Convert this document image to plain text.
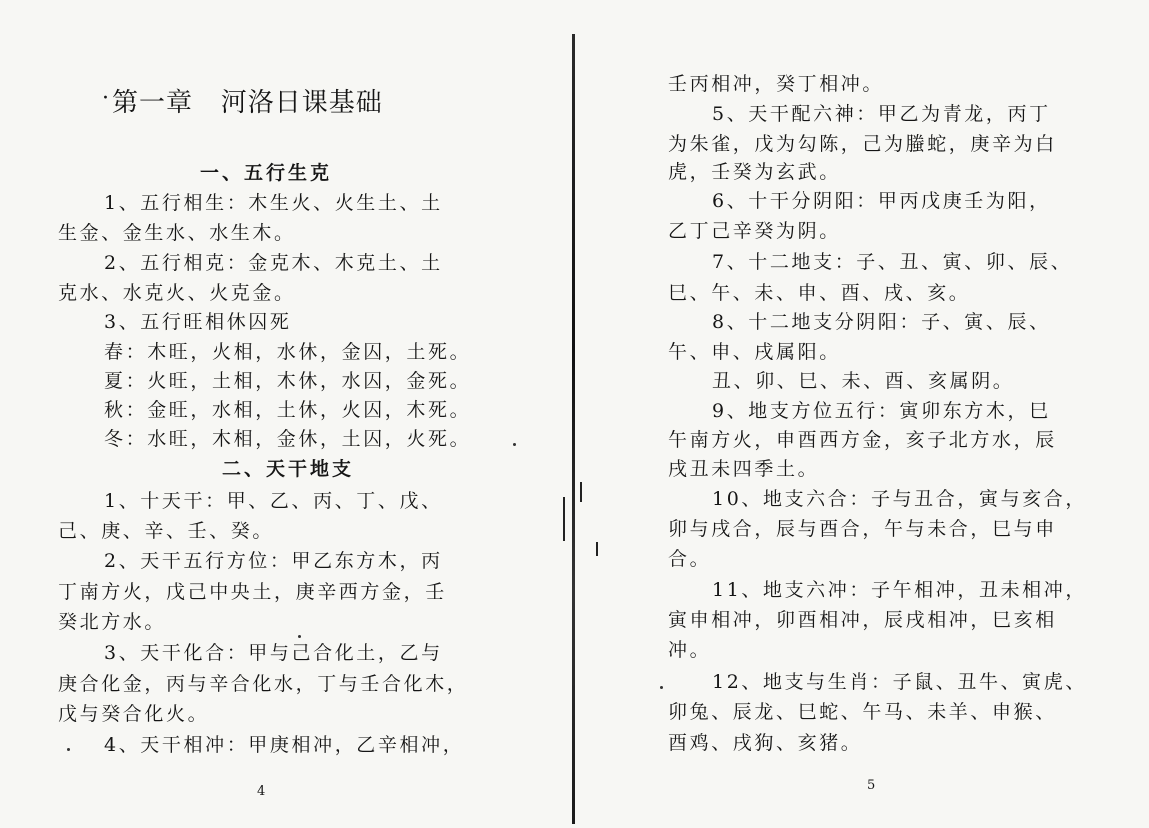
· 第一章   河洛日课基础
一、五行生克
1、五行相生：木生火、火生土、土
生金、金生水、水生木。
2、五行相克：金克木、木克土、土
克水、水克火、火克金。
3、五行旺相休囚死
春：木旺，火相，水休，金囚，土死。
夏：火旺，土相，木休，水囚，金死。
秋：金旺，水相，土休，火囚，木死。
冬：水旺，木相，金休，土囚，火死。
二、天干地支
1、十天干：甲、乙、丙、丁、戊、
己、庚、辛、壬、癸。
2、天干五行方位：甲乙东方木，丙
丁南方火，戊己中央土，庚辛西方金，壬
癸北方水。
3、天干化合：甲与己合化土，乙与
庚合化金，丙与辛合化水，丁与壬合化木，
戊与癸合化火。
4、天干相冲：甲庚相冲，乙辛相冲，
4
壬丙相冲，癸丁相冲。
5、天干配六神：甲乙为青龙，丙丁
为朱雀，戊为勾陈，己为螣蛇，庚辛为白
虎，壬癸为玄武。
6、十干分阴阳：甲丙戊庚壬为阳，
乙丁己辛癸为阴。
7、十二地支：子、丑、寅、卯、辰、
巳、午、未、申、酉、戌、亥。
8、十二地支分阴阳：子、寅、辰、
午、申、戌属阳。
丑、卯、巳、未、酉、亥属阴。
9、地支方位五行：寅卯东方木，巳
午南方火，申酉西方金，亥子北方水，辰
戌丑未四季土。
10、地支六合：子与丑合，寅与亥合，
卯与戌合，辰与酉合，午与未合，巳与申
合。
11、地支六冲：子午相冲，丑未相冲，
寅申相冲，卯酉相冲，辰戌相冲，巳亥相
冲。
12、地支与生肖：子鼠、丑牛、寅虎、
卯兔、辰龙、巳蛇、午马、未羊、申猴、
酉鸡、戌狗、亥猪。
5
